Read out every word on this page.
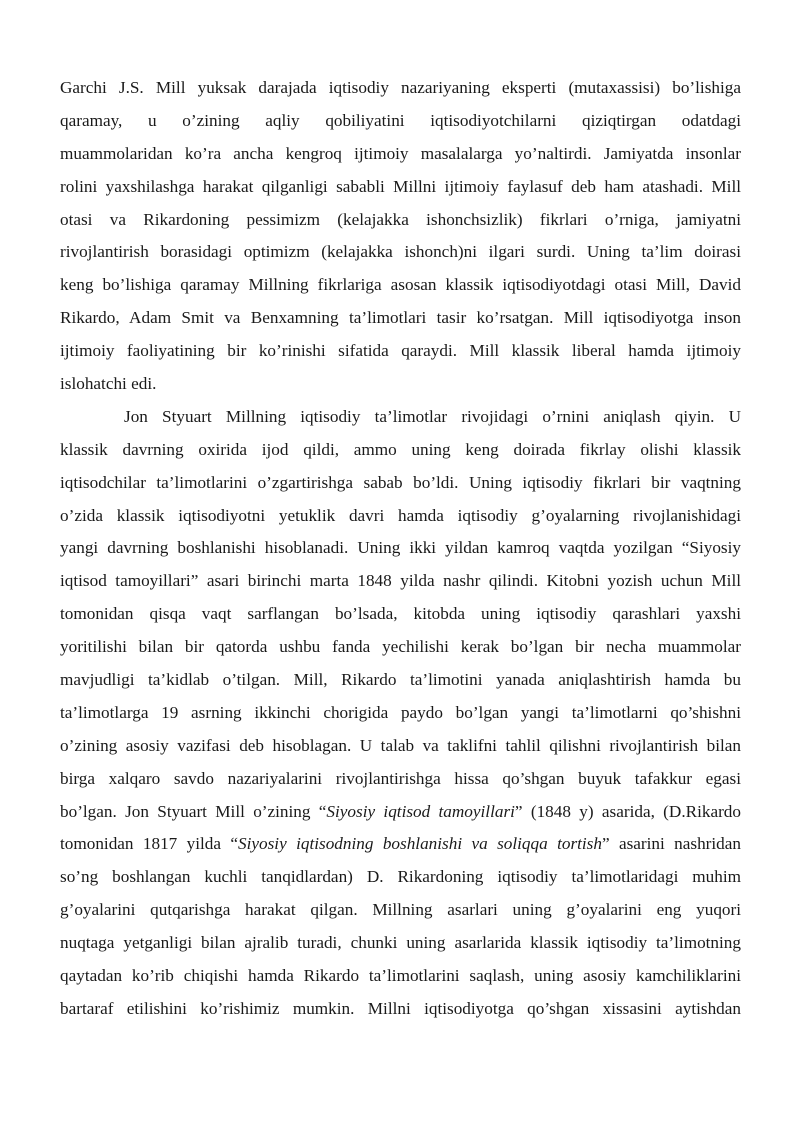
Garchi J.S. Mill yuksak darajada iqtisodiy nazariyaning eksperti (mutaxassisi) bo’lishiga
qaramay, u o’zining aqliy qobiliyatini iqtisodiyotchilarni qiziqtirgan odatdagi
muammolaridan ko’ra ancha kengroq ijtimoiy masalalarga yo’naltirdi. Jamiyatda insonlar
rolini yaxshilashga harakat qilganligi sababli Millni ijtimoiy faylasuf deb ham atashadi. Mill
otasi va Rikardoning pessimizm (kelajakka ishonchsizlik) fikrlari o’rniga, jamiyatni
rivojlantirish borasidagi optimizm (kelajakka ishonch)ni ilgari surdi. Uning ta’lim doirasi
keng bo’lishiga qaramay Millning fikrlariga asosan klassik iqtisodiyotdagi otasi Mill, David
Rikardo, Adam Smit va Benxamning ta’limotlari tasir ko’rsatgan. Mill iqtisodiyotga inson
ijtimoiy faoliyatining bir ko’rinishi sifatida qaraydi. Mill klassik liberal hamda ijtimoiy
islohatchi edi.
Jon Styuart Millning iqtisodiy ta’limotlar rivojidagi o’rnini aniqlash qiyin. U
klassik davrning oxirida ijod qildi, ammo uning keng doirada fikrlay olishi klassik
iqtisodchilar ta’limotlarini o’zgartirishga sabab bo’ldi. Uning iqtisodiy fikrlari bir vaqtning
o’zida klassik iqtisodiyotni yetuklik davri hamda iqtisodiy g’oyalarning rivojlanishidagi
yangi davrning boshlanishi hisoblanadi. Uning ikki yildan kamroq vaqtda yozilgan “Siyosiy
iqtisod tamoyillari” asari birinchi marta 1848 yilda nashr qilindi. Kitobni yozish uchun Mill
tomonidan qisqa vaqt sarflangan bo’lsada, kitobda uning iqtisodiy qarashlari yaxshi
yoritilishi bilan bir qatorda ushbu fanda yechilishi kerak bo’lgan bir necha muammolar
mavjudligi ta’kidlab o’tilgan. Mill, Rikardo ta’limotini yanada aniqlashtirish hamda bu
ta’limotlarga 19 asrning ikkinchi chorigida paydo bo’lgan yangi ta’limotlarni qo’shishni
o’zining asosiy vazifasi deb hisoblagan. U talab va taklifni tahlil qilishni rivojlantirish bilan
birga xalqaro savdo nazariyalarini rivojlantirishga hissa qo’shgan buyuk tafakkur egasi
bo’lgan. Jon Styuart Mill o’zining “Siyosiy iqtisod tamoyillari” (1848 y) asarida, (D.Rikardo
tomonidan 1817 yilda “Siyosiy iqtisodning boshlanishi va soliqqa tortish” asarini nashridan
so’ng boshlangan kuchli tanqidlardan) D. Rikardoning iqtisodiy ta’limotlaridagi muhim
g’oyalarini qutqarishga harakat qilgan. Millning asarlari uning g’oyalarini eng yuqori
nuqtaga yetganligi bilan ajralib turadi, chunki uning asarlarida klassik iqtisodiy ta’limotning
qaytadan ko’rib chiqishi hamda Rikardo ta’limotlarini saqlash, uning asosiy kamchiliklarini
bartaraf etilishini ko’rishimiz mumkin. Millni iqtisodiyotga qo’shgan xissasini aytishdan
